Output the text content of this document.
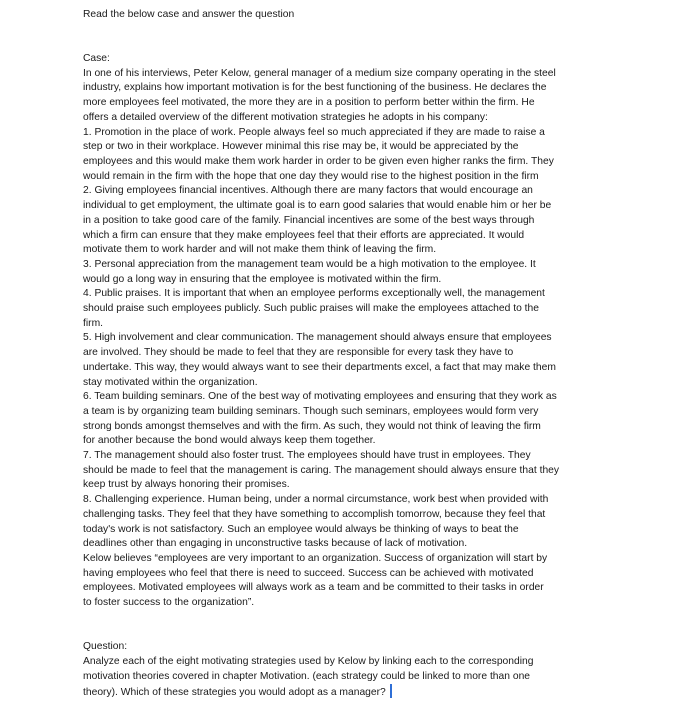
Read the below case and answer the question
Case:
In one of his interviews, Peter Kelow, general manager of a medium size company operating in the steel
industry, explains how important motivation is for the best functioning of the business. He declares the
more employees feel motivated, the more they are in a position to perform better within the firm. He
offers a detailed overview of the different motivation strategies he adopts in his company:
1. Promotion in the place of work. People always feel so much appreciated if they are made to raise a
step or two in their workplace. However minimal this rise may be, it would be appreciated by the
employees and this would make them work harder in order to be given even higher ranks the firm. They
would remain in the firm with the hope that one day they would rise to the highest position in the firm
2. Giving employees financial incentives. Although there are many factors that would encourage an
individual to get employment, the ultimate goal is to earn good salaries that would enable him or her be
in a position to take good care of the family. Financial incentives are some of the best ways through
which a firm can ensure that they make employees feel that their efforts are appreciated. It would
motivate them to work harder and will not make them think of leaving the firm.
3. Personal appreciation from the management team would be a high motivation to the employee. It
would go a long way in ensuring that the employee is motivated within the firm.
4. Public praises. It is important that when an employee performs exceptionally well, the management
should praise such employees publicly. Such public praises will make the employees attached to the
firm.
5. High involvement and clear communication. The management should always ensure that employees
are involved. They should be made to feel that they are responsible for every task they have to
undertake. This way, they would always want to see their departments excel, a fact that may make them
stay motivated within the organization.
6. Team building seminars. One of the best way of motivating employees and ensuring that they work as
a team is by organizing team building seminars. Though such seminars, employees would form very
strong bonds amongst themselves and with the firm. As such, they would not think of leaving the firm
for another because the bond would always keep them together.
7. The management should also foster trust. The employees should have trust in employees. They
should be made to feel that the management is caring. The management should always ensure that they
keep trust by always honoring their promises.
8. Challenging experience. Human being, under a normal circumstance, work best when provided with
challenging tasks. They feel that they have something to accomplish tomorrow, because they feel that
today's work is not satisfactory. Such an employee would always be thinking of ways to beat the
deadlines other than engaging in unconstructive tasks because of lack of motivation.
Kelow believes “employees are very important to an organization. Success of organization will start by
having employees who feel that there is need to succeed. Success can be achieved with motivated
employees. Motivated employees will always work as a team and be committed to their tasks in order
to foster success to the organization”.
Question:
Analyze each of the eight motivating strategies used by Kelow by linking each to the corresponding
motivation theories covered in chapter Motivation. (each strategy could be linked to more than one
theory). Which of these strategies you would adopt as a manager?
